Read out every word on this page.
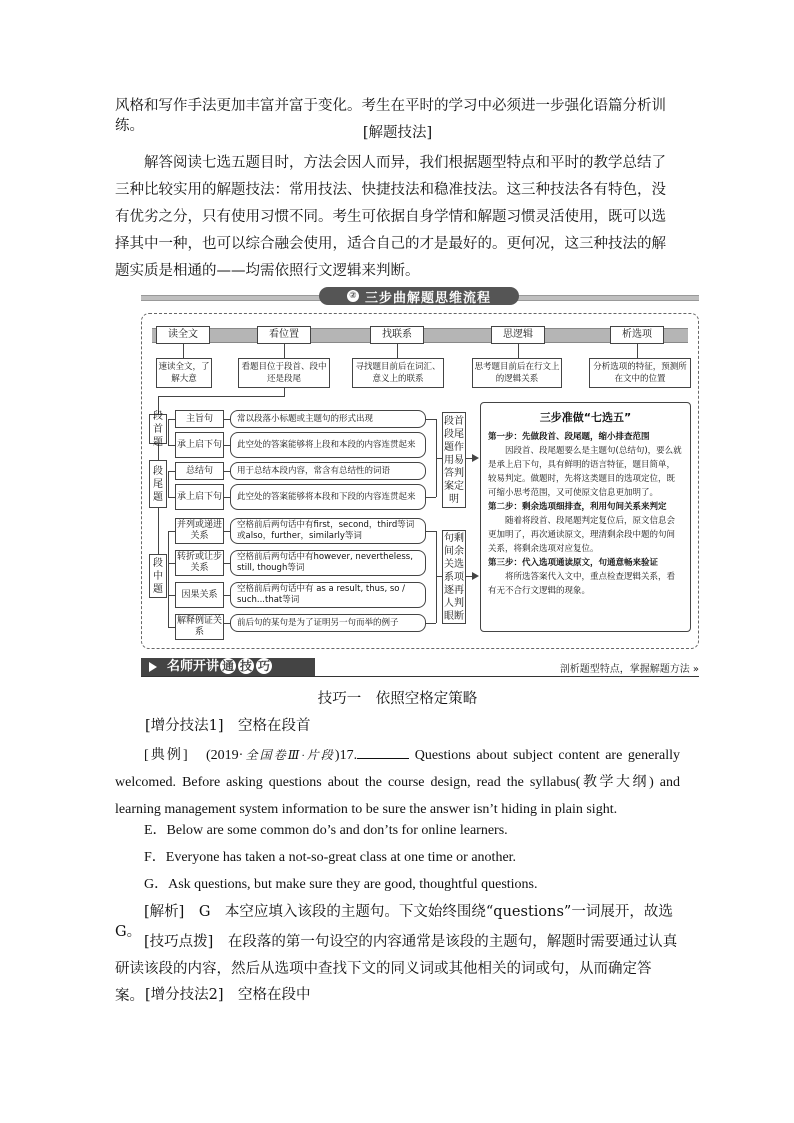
风格和写作手法更加丰富并富于变化。考生在平时的学习中必须进一步强化语篇分析训练。	[解题技法]

解答阅读七选五题目时，方法会因人而异，我们根据题型特点和平时的教学总结了三种比较实用的解题技法：常用技法、快捷技法和稳准技法。这三种技法各有特色，没有优劣之分，只有使用习惯不同。考生可依据自身学情和解题习惯灵活使用，既可以选择其中一种，也可以综合融会使用，适合自己的才是最好的。更何况，这三种技法的解题实质是相通的——均需依照行文逻辑来判断。

② 三步曲解题思维流程
读全文	看位置	找联系	思逻辑	析选项
速读全文，了解大意
看题目位于段首、段中还是段尾
寻找题目前后在词汇、意义上的联系
思考题目前后在行文上的逻辑关系
分析选项的特征，预测所在文中的位置
段首题
段尾题
段中题
主旨句
承上启下句
总结句
承上启下句
并列或递进关系
转折或让步关系
因果关系
解释例证关系
常以段落小标题或主题句的形式出现
此空处的答案能够将上段和本段的内容连贯起来
用于总结本段内容，常含有总结性的词语
此空处的答案能够将本段和下段的内容连贯起来
空格前后两句话中有first，second，third等词或also，further，similarly等词
空格前后两句话中有however, nevertheless, still, though等词
空格前后两句话中有 as a result, thus, so / such...that等词
前后句的某句是为了证明另一句而举的例子
段首段尾题作用易答判案定明
句剩间余关选系项逐再人判眼断
三步准做“七选五”

第一步：先做段首、段尾题，缩小排查范围

因段首、段尾题要么是主题句(总结句)，要么就是承上启下句，具有鲜明的语言特征，题目简单，较易判定。做题时，先将这类题目的选项定位，既可缩小思考范围，又可使原文信息更加明了。

第二步：剩余选项细排查，利用句间关系来判定

随着将段首、段尾题判定复位后，原文信息会更加明了，再次通读原文，理清剩余段中题的句间关系，将剩余选项对应复位。

第三步：代入选项通读原文，句通意畅来验证

将所选答案代入文中，重点检查逻辑关系，看有无不合行文逻辑的现象。

名师开讲 通 技 巧	剖析题型特点，掌握解题方法 »

技巧一　依照空格定策略

[增分技法1]　空格在段首

[典例]　 (2019·全国卷Ⅲ·片段)17.	Questions about subject content are generally welcomed. Before asking questions about the course design, read the syllabus(教学大纲) and learning management system information to be sure the answer isn’t hiding in plain sight.

E．Below are some common do’s and don’ts for online learners.

F．Everyone has taken a not-so-great class at one time or another.

G．Ask questions, but make sure they are good, thoughtful questions.

[解析]　G　本空应填入该段的主题句。下文始终围绕“questions”一词展开，故选 G。

[技巧点拨]　在段落的第一句设空的内容通常是该段的主题句，解题时需要通过认真研读该段的内容，然后从选项中查找下文的同义词或其他相关的词或句，从而确定答案。 [增分技法2]　空格在段中
